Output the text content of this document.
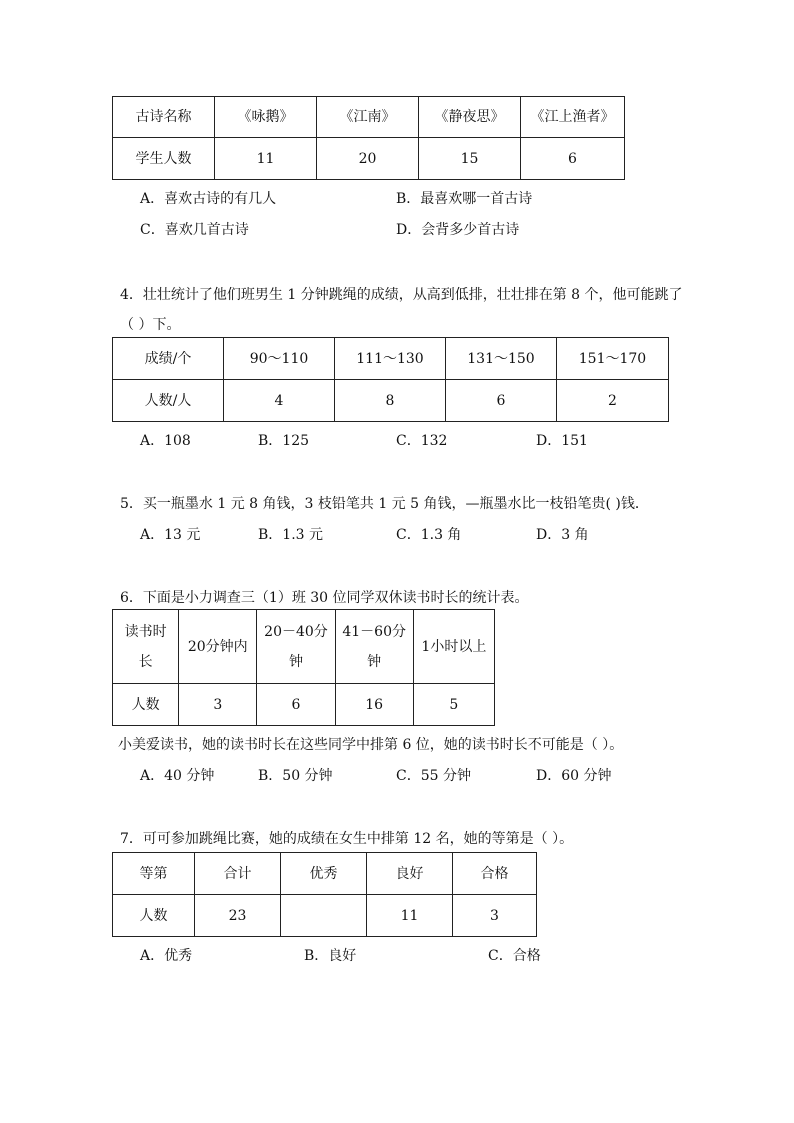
古诗名称	《咏鹅》	《江南》	《静夜思》	《江上渔者》
学生人数	11	20	15	6
A．喜欢古诗的有几人	B．最喜欢哪一首古诗
C．喜欢几首古诗	D．会背多少首古诗
4．壮壮统计了他们班男生 1 分钟跳绳的成绩，从高到低排，壮壮排在第 8 个，他可能跳了
（ ）下。
成绩/个	90～110	111～130	131～150	151～170
人数/人	4	8	6	2
A．108	B．125	C．132	D．151
5．买一瓶墨水 1 元 8 角钱，3 枝铅笔共 1 元 5 角钱，—瓶墨水比一枝铅笔贵( )钱．
A．13 元	B．1.3 元	C．1.3 角	D．3 角
6．下面是小力调查三（1）班 30 位同学双休读书时长的统计表。
读书时长	20分钟内	20－40分钟	41－60分钟	1小时以上
人数	3	6	16	5
小美爱读书，她的读书时长在这些同学中排第 6 位，她的读书时长不可能是（ ）。
A．40 分钟	B．50 分钟	C．55 分钟	D．60 分钟
7．可可参加跳绳比赛，她的成绩在女生中排第 12 名，她的等第是（ ）。
等第	合计	优秀	良好	合格
人数	23		11	3
A．优秀	B．良好	C．合格
